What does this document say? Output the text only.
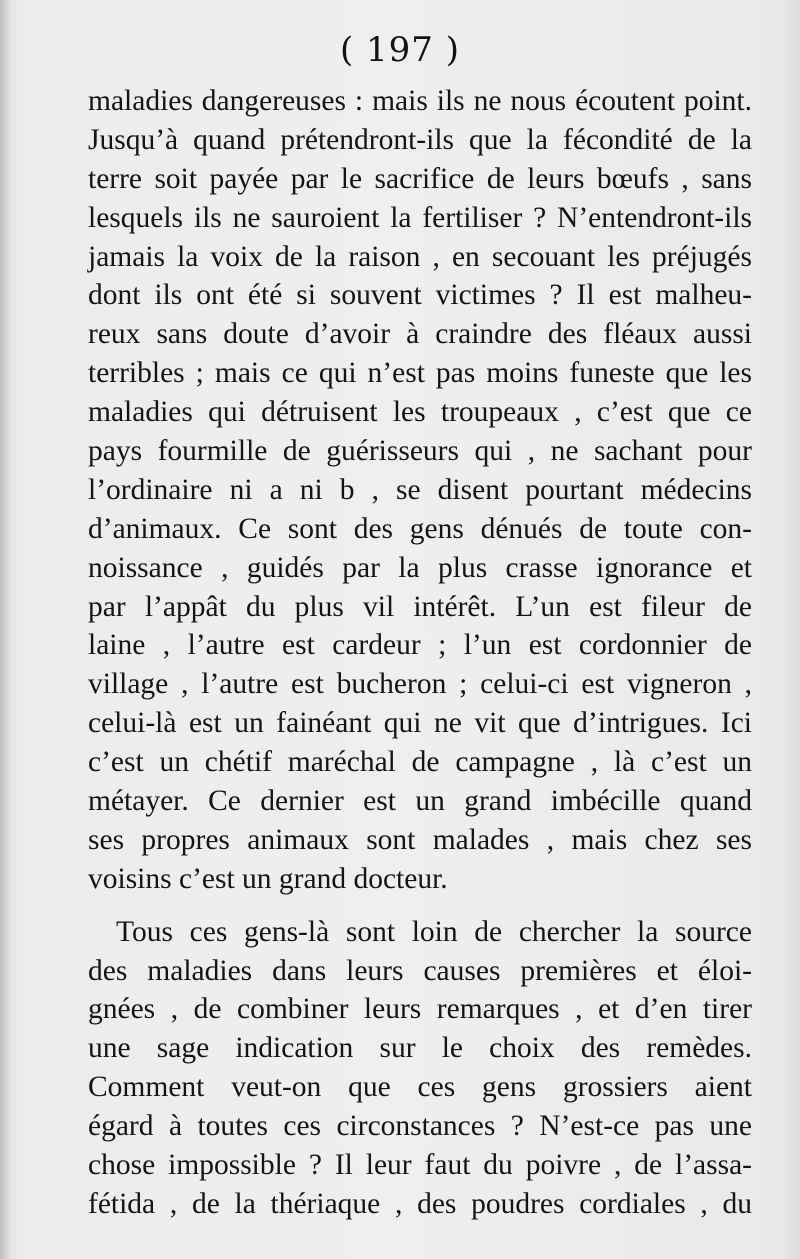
( 197 )
maladies dangereuses : mais ils ne nous écoutent point.
Jusqu’à quand prétendront-ils que la fécondité de la
terre soit payée par le sacrifice de leurs bœufs , sans
lesquels ils ne sauroient la fertiliser ? N’entendront-ils
jamais la voix de la raison , en secouant les préjugés
dont ils ont été si souvent victimes ? Il est malheu-
reux sans doute d’avoir à craindre des fléaux aussi
terribles ; mais ce qui n’est pas moins funeste que les
maladies qui détruisent les troupeaux , c’est que ce
pays fourmille de guérisseurs qui , ne sachant pour
l’ordinaire ni a ni b , se disent pourtant médecins
d’animaux. Ce sont des gens dénués de toute con-
noissance , guidés par la plus crasse ignorance et
par l’appât du plus vil intérêt. L’un est fileur de
laine , l’autre est cardeur ; l’un est cordonnier de
village , l’autre est bucheron ; celui-ci est vigneron ,
celui-là est un fainéant qui ne vit que d’intrigues. Ici
c’est un chétif maréchal de campagne , là c’est un
métayer. Ce dernier est un grand imbécille quand
ses propres animaux sont malades , mais chez ses
voisins c’est un grand docteur.
Tous ces gens-là sont loin de chercher la source
des maladies dans leurs causes premières et éloi-
gnées , de combiner leurs remarques , et d’en tirer
une sage indication sur le choix des remèdes.
Comment veut-on que ces gens grossiers aient
égard à toutes ces circonstances ? N’est-ce pas une
chose impossible ? Il leur faut du poivre , de l’assa-
fétida , de la thériaque , des poudres cordiales , du
